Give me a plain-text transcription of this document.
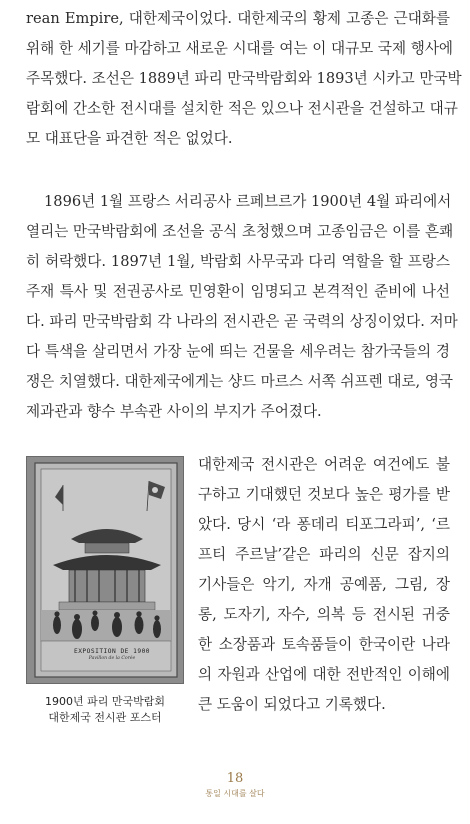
rean Empire, 대한제국이었다. 대한제국의 황제 고종은 근대화를
위해 한 세기를 마감하고 새로운 시대를 여는 이 대규모 국제 행사에
주목했다. 조선은 1889년 파리 만국박람회와 1893년 시카고 만국박
람회에 간소한 전시대를 설치한 적은 있으나 전시관을 건설하고 대규
모 대표단을 파견한 적은 없었다.
1896년 1월 프랑스 서리공사 르페브르가 1900년 4월 파리에서
열리는 만국박람회에 조선을 공식 초청했으며 고종임금은 이를 흔쾌
히 허락했다. 1897년 1월, 박람회 사무국과 다리 역할을 할 프랑스
주재 특사 및 전권공사로 민영환이 임명되고 본격적인 준비에 나선
다. 파리 만국박람회 각 나라의 전시관은 곧 국력의 상징이었다. 저마
다 특색을 살리면서 가장 눈에 띄는 건물을 세우려는 참가국들의 경
쟁은 치열했다. 대한제국에게는 샹드 마르스 서쪽 쉬프렌 대로, 영국
제과관과 향수 부속관 사이의 부지가 주어졌다.
EXPOSITION DE 1900
Pavillon de la Corée
대한제국 전시관은 어려운 여건에도 불
구하고 기대했던 것보다 높은 평가를 받
았다. 당시 ‘라 퐁데리 티포그라피’, ‘르
프티 주르날’같은 파리의 신문 잡지의
기사들은 악기, 자개 공예품, 그림, 장
롱, 도자기, 자수, 의복 등 전시된 귀중
한 소장품과 토속품들이 한국이란 나라
의 자원과 산업에 대한 전반적인 이해에
큰 도움이 되었다고 기록했다.
1900년 파리 만국박람회
대한제국 전시관 포스터
18
통일 시대를 살다
